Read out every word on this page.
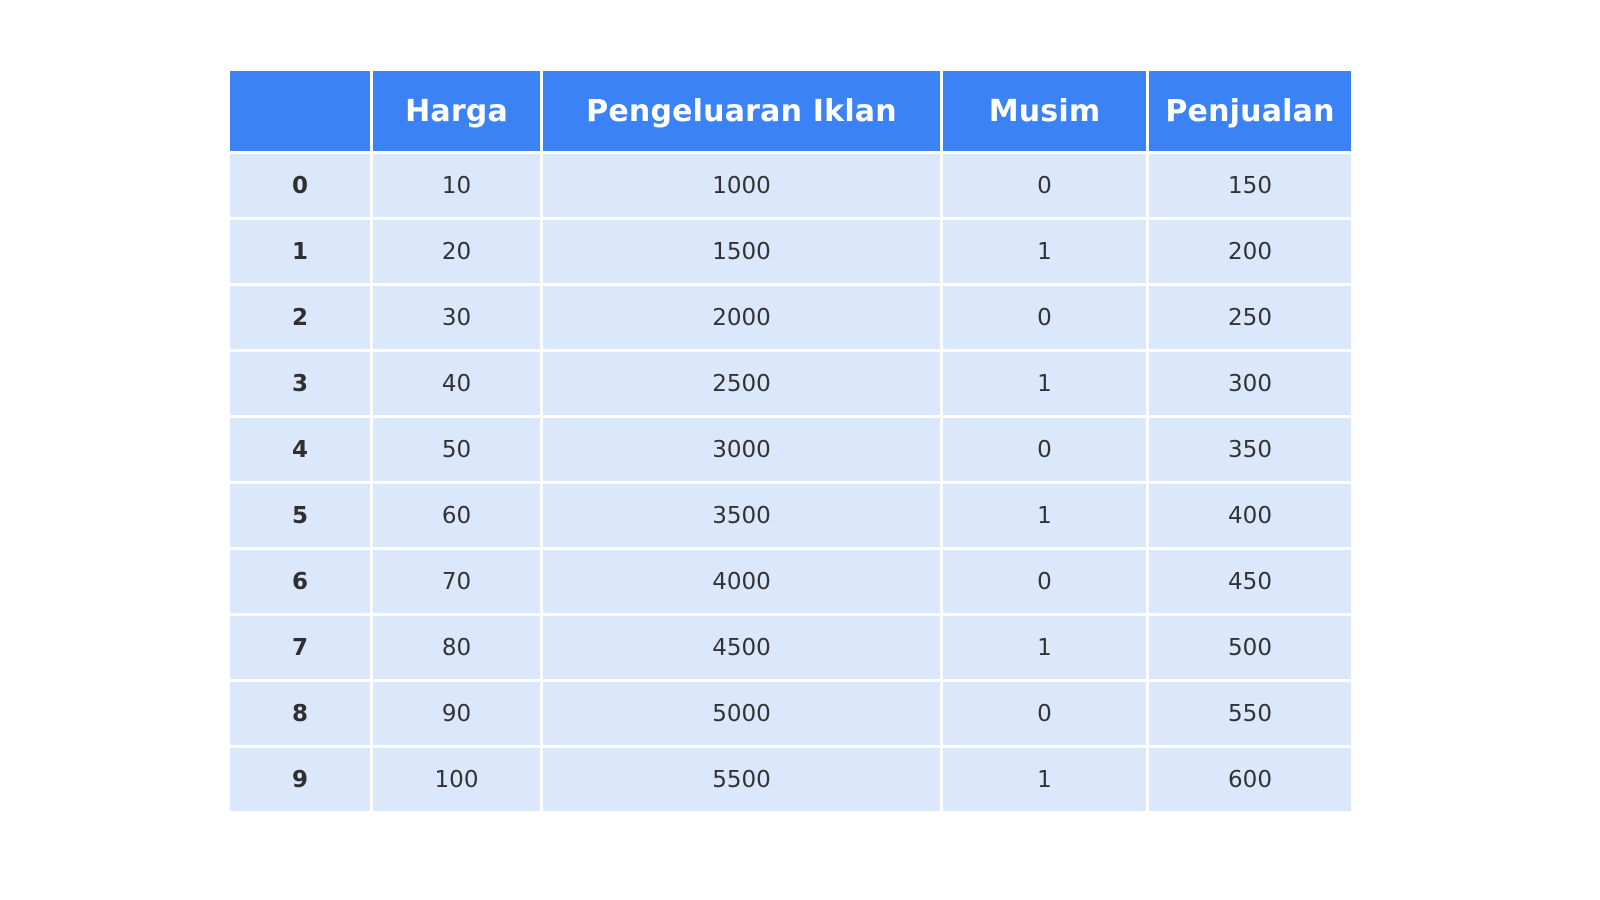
	Harga	Pengeluaran Iklan	Musim	Penjualan
0	10	1000	0	150
1	20	1500	1	200
2	30	2000	0	250
3	40	2500	1	300
4	50	3000	0	350
5	60	3500	1	400
6	70	4000	0	450
7	80	4500	1	500
8	90	5000	0	550
9	100	5500	1	600
